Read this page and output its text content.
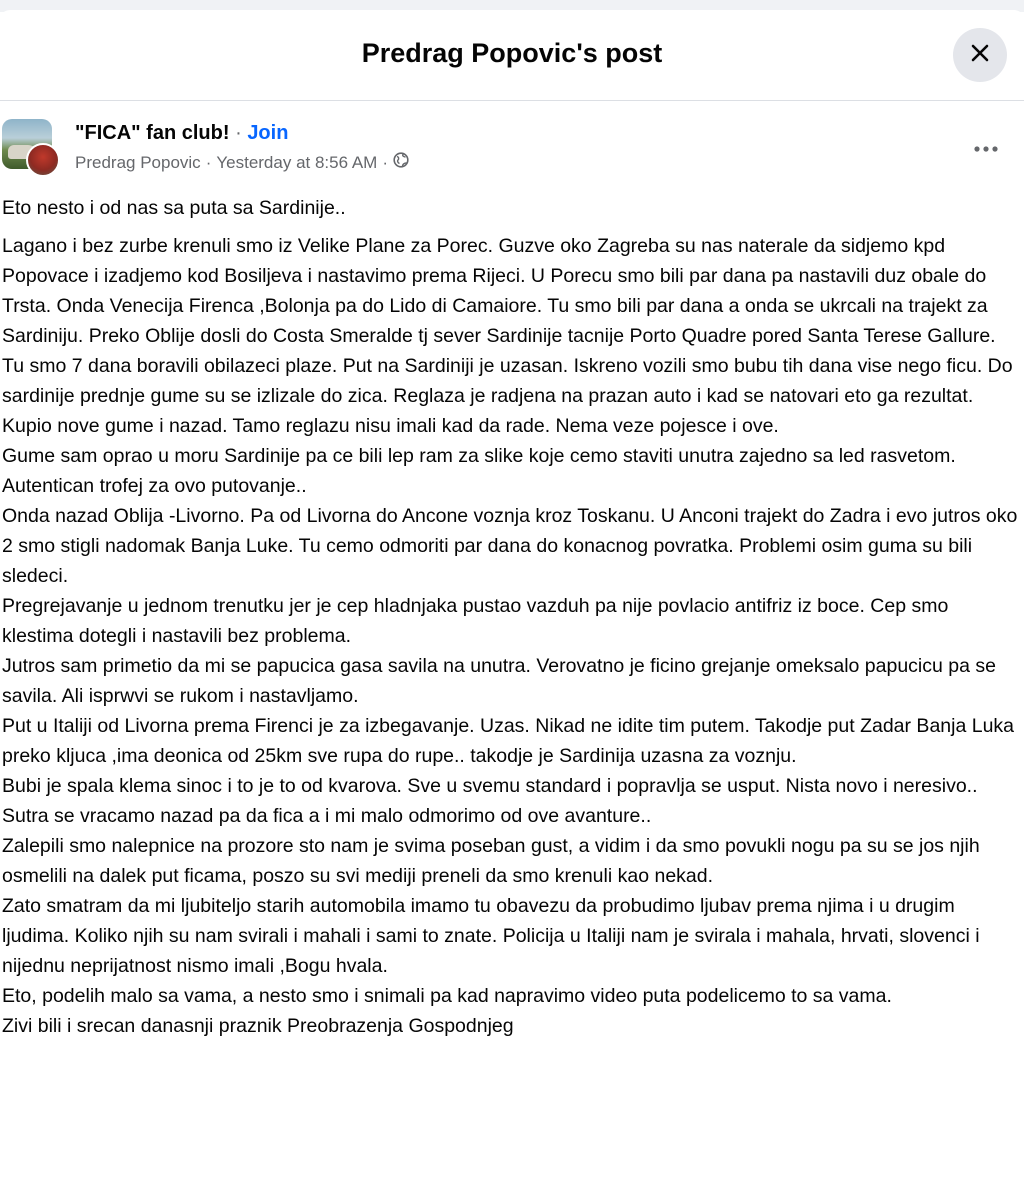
Predrag Popovic's post
"FICA" fan club! · Join
Predrag Popovic · Yesterday at 8:56 AM ·

Eto nesto i od nas sa puta sa Sardinije..

Lagano i bez zurbe krenuli smo iz Velike Plane za Porec. Guzve oko Zagreba su nas naterale da sidjemo kpd Popovace i izadjemo kod Bosiljeva i nastavimo prema Rijeci. U Porecu smo bili par dana pa nastavili duz obale do Trsta. Onda Venecija Firenca ,Bolonja pa do Lido di Camaiore. Tu smo bili par dana a onda se ukrcali na trajekt za Sardiniju. Preko Oblije dosli do Costa Smeralde tj sever Sardinije tacnije Porto Quadre pored Santa Terese Gallure.

Tu smo 7 dana boravili obilazeci plaze. Put na Sardiniji je uzasan. Iskreno vozili smo bubu tih dana vise nego ficu. Do sardinije prednje gume su se izlizale do zica. Reglaza je radjena na prazan auto i kad se natovari eto ga rezultat. Kupio nove gume i nazad. Tamo reglazu nisu imali kad da rade. Nema veze pojesce i ove.

Gume sam oprao u moru Sardinije pa ce bili lep ram za slike koje cemo staviti unutra zajedno sa led rasvetom. Autentican trofej za ovo putovanje..

Onda nazad Oblija -Livorno. Pa od Livorna do Ancone voznja kroz Toskanu. U Anconi trajekt do Zadra i evo jutros oko 2 smo stigli nadomak Banja Luke. Tu cemo odmoriti par dana do konacnog povratka. Problemi osim guma su bili sledeci.

Pregrejavanje u jednom trenutku jer je cep hladnjaka pustao vazduh pa nije povlacio antifriz iz boce. Cep smo klestima dotegli i nastavili bez problema.

Jutros sam primetio da mi se papucica gasa savila na unutra. Verovatno je ficino grejanje omeksalo papucicu pa se savila. Ali isprwvi se rukom i nastavljamo.

Put u Italiji od Livorna prema Firenci je za izbegavanje. Uzas. Nikad ne idite tim putem. Takodje put Zadar Banja Luka preko kljuca ,ima deonica od 25km sve rupa do rupe.. takodje je Sardinija uzasna za voznju.

Bubi je spala klema sinoc i to je to od kvarova. Sve u svemu standard i popravlja se usput. Nista novo i neresivo..

Sutra se vracamo nazad pa da fica a i mi malo odmorimo od ove avanture..

Zalepili smo nalepnice na prozore sto nam je svima poseban gust, a vidim i da smo povukli nogu pa su se jos njih osmelili na dalek put ficama, poszo su svi mediji preneli da smo krenuli kao nekad.

Zato smatram da mi ljubiteljo starih automobila imamo tu obavezu da probudimo ljubav prema njima i u drugim ljudima. Koliko njih su nam svirali i mahali i sami to znate. Policija u Italiji nam je svirala i mahala, hrvati, slovenci i nijednu neprijatnost nismo imali ,Bogu hvala.

Eto, podelih malo sa vama, a nesto smo i snimali pa kad napravimo video puta podelicemo to sa vama.

Zivi bili i srecan danasnji praznik Preobrazenja Gospodnjeg
